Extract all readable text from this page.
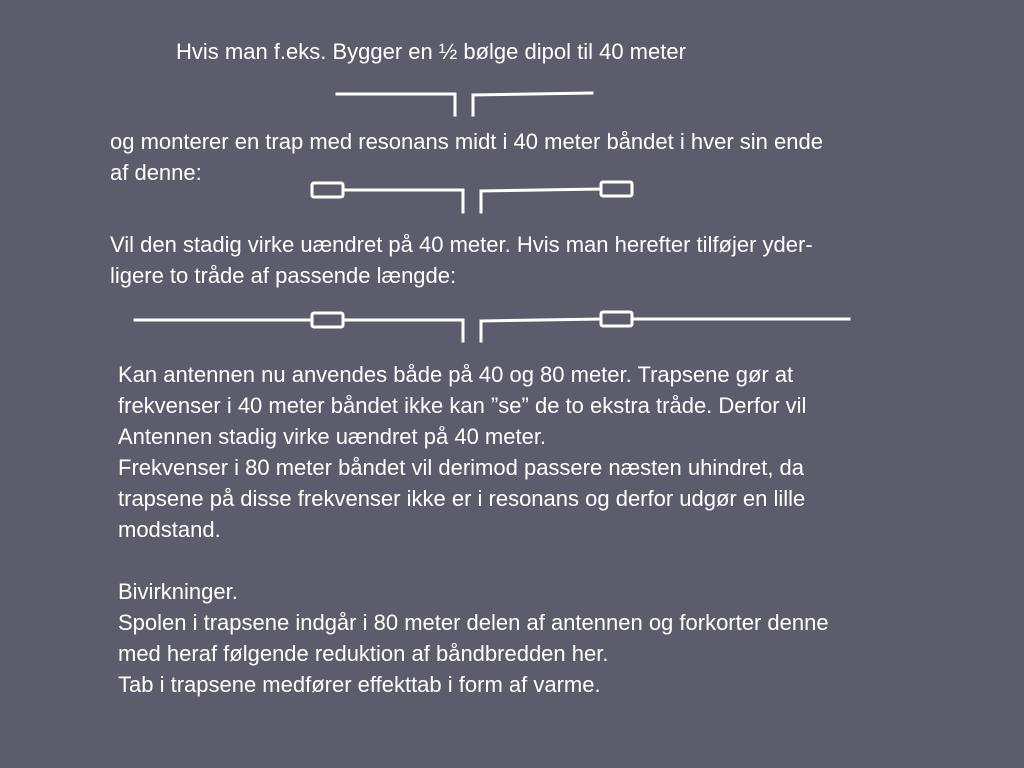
Hvis man f.eks. Bygger en ½ bølge dipol til 40 meter
og monterer en trap med resonans midt i 40 meter båndet i hver sin ende
af denne:
Vil den stadig virke uændret på 40 meter. Hvis man herefter tilføjer yder-
ligere to tråde af passende længde:
Kan antennen nu anvendes både på 40 og 80 meter. Trapsene gør at
frekvenser i 40 meter båndet ikke kan ”se” de to ekstra tråde. Derfor vil
Antennen stadig virke uændret på 40 meter.
Frekvenser i 80 meter båndet vil derimod passere næsten uhindret, da
trapsene på disse frekvenser ikke er i resonans og derfor udgør en lille
modstand.

Bivirkninger.
Spolen i trapsene indgår i 80 meter delen af antennen og forkorter denne
med heraf følgende reduktion af båndbredden her.
Tab i trapsene medfører effekttab i form af varme.
